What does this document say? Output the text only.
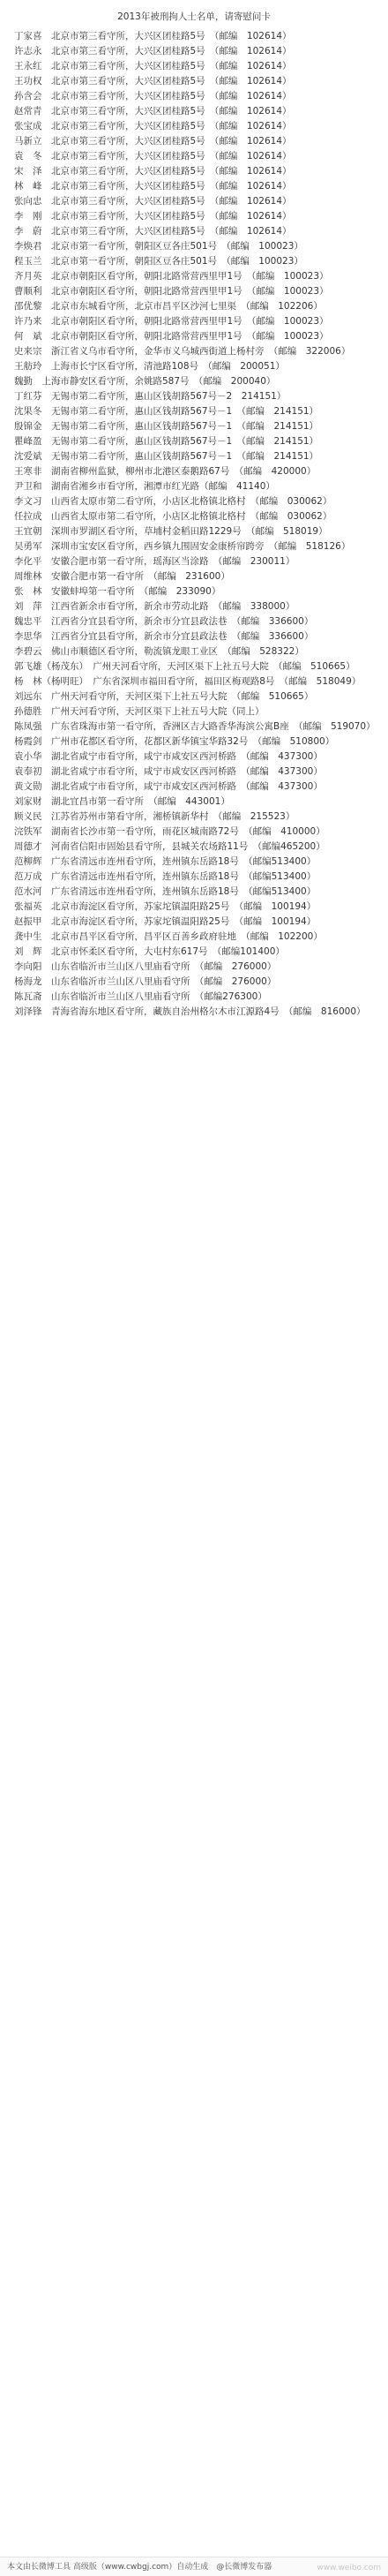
2013年被刑拘人士名单，请寄慰问卡
丁家喜　北京市第三看守所，大兴区团桂路5号　（邮编　102614）
许志永　北京市第三看守所，大兴区团桂路5号　（邮编　102614）
王永红　北京市第三看守所，大兴区团桂路5号　（邮编　102614）
王功权　北京市第三看守所，大兴区团桂路5号　（邮编　102614）
孙含会　北京市第三看守所，大兴区团桂路5号　（邮编　102614）
赵常青　北京市第三看守所，大兴区团桂路5号　（邮编　102614）
张宝成　北京市第三看守所，大兴区团桂路5号　（邮编　102614）
马新立　北京市第三看守所，大兴区团桂路5号　（邮编　102614）
袁　冬　北京市第三看守所，大兴区团桂路5号　（邮编　102614）
宋　泽　北京市第三看守所，大兴区团桂路5号　（邮编　102614）
林　峰　北京市第三看守所，大兴区团桂路5号　（邮编　102614）
张向忠　北京市第三看守所，大兴区团桂路5号　（邮编　102614）
李　刚　北京市第三看守所，大兴区团桂路5号　（邮编　102614）
李　蔚　北京市第三看守所，大兴区团桂路5号　（邮编　102614）
李焕君　北京市第一看守所，朝阳区豆各庄501号　（邮编　100023）
程玉兰　北京市第一看守所，朝阳区豆各庄501号　（邮编　100023）
齐月英　北京市朝阳区看守所，朝阳北路常营西里甲1号　（邮编　100023）
曹顺利　北京市朝阳区看守所，朝阳北路常营西里甲1号　（邮编　100023）
邵优黎　北京市东城看守所，北京市昌平区沙河七里渠　（邮编　102206）
许乃来　北京市朝阳区看守所，朝阳北路常营西里甲1号　（邮编　100023）
何　斌　北京市朝阳区看守所，朝阳北路常营西里甲1号　（邮编　100023）
史来宗　浙江省义乌市看守所，金华市义乌城西街道上杨村旁　（邮编　322006）
王舫玲　上海市长宁区看守所，清池路108号　（邮编　200051）
魏勤　上海市静安区看守所，余姚路587号　（邮编　200040）
丁红芬　无锡市第二看守所，惠山区钱胡路567号－2　214151）
沈果冬　无锡市第二看守所，惠山区钱胡路567号－1　（邮编　214151）
殷锦金　无锡市第二看守所，惠山区钱胡路567号－1　（邮编　214151）
瞿峰盈　无锡市第二看守所，惠山区钱胡路567号－1　（邮编　214151）
沈爱斌　无锡市第二看守所，惠山区钱胡路567号－1　（邮编　214151）
王寒非　湖南省柳州监狱，柳州市北港区泰鹅路67号　（邮编　420000）
尹卫和　湖南省湘乡市看守所，湘潭市红光路（邮编　41140）
李文习　山西省太原市第二看守所，小店区北格镇北格村　（邮编　030062）
任拉成　山西省太原市第二看守所，小店区北格镇北格村　（邮编　030062）
王宜朝　深圳市罗湖区看守所，草埔村金稻田路1229号　（邮编　518019）
吴勇军　深圳市宝安区看守所，西乡镇九围固安金康桥帘跨旁　（邮编　518126）
李化平　安徽合肥市第一看守所，瑶海区当涂路　（邮编　230011）
周维林　安徽合肥市第一看守所　（邮编　231600）
张　林　安徽蚌埠第一看守所　（邮编　233090）
刘　萍　江西省新余市看守所，新余市劳动北路　（邮编　338000）
魏忠平　江西省分宜县看守所，新余市分宜县政法巷　（邮编　336600）
李思华　江西省分宜县看守所，新余市分宜县政法巷　（邮编　336600）
李碧云　佛山市顺德区看守所，勒流镇龙眼工业区　（邮编　528322）
郭飞雄（杨茂东）　广州天河看守所，天河区渠下上社五号大院　（邮编　510665）
杨　林（杨明旺）　广东省深圳市福田看守所，福田区梅观路8号　（邮编　518049）
刘远东　广州天河看守所，天河区渠下上社五号大院　（邮编　510665）
孙德胜　广州天河看守所，天河区渠下上社五号大院（同上）
陈凤强　广东省珠海市第一看守所，香洲区吉大路香华海滨公寓B座　（邮编　519070）
杨霞剑　广州市花都区看守所，花都区新华镇宝华路32号　（邮编　510800）
袁小华　湖北省咸宁市看守所，咸宁市咸安区西河桥路　（邮编　437300）
袁奉初　湖北省咸宁市看守所，咸宁市咸安区西河桥路　（邮编　437300）
黄文勋　湖北省咸宁市看守所，咸宁市咸安区西河桥路　（邮编　437300）
刘家财　湖北宜昌市第一看守所　（邮编　443001）
顾义民　江苏省苏州市第看守所，湘桥镇新华村　（邮编　215523）
浣铁军　湖南省长沙市第一看守所，雨花区城南路72号　（邮编　410000）
周德才　河南省信阳市固始县看守所，县城关农场路11号　（邮编465200）
范柳辉　广东省清远市连州看守所，连州镇东岳路18号　（邮编513400）
范万成　广东省清远市连州看守所，连州镇东岳路18号　（邮编513400）
范水河　广东省清远市连州看守所，连州镇东岳路18号　（邮编513400）
张福英　北京市海淀区看守所，苏家坨镇温阳路25号　（邮编　100194）
赵振甲　北京市海淀区看守所，苏家坨镇温阳路25号　（邮编　100194）
龚中生　北京市昌平区看守所，昌平区百善乡政府驻地　（邮编　102200）
刘　辉　北京市怀柔区看守所，大屯村东617号　（邮编101400）
李向阳　山东省临沂市兰山区八里庙看守所　（邮编　276000）
杨海龙　山东省临沂市兰山区八里庙看守所　（邮编　276000）
陈瓦斋　山东省临沂市兰山区八里庙看守所　（邮编276300）
刘泽锋　青海省海东地区看守所，藏族自治州格尔木市江源路4号　（邮编　816000）
本文由长微博工具 高级版（www.cwbgj.com）自动生成　@长微博发布器	www.weibo.com
